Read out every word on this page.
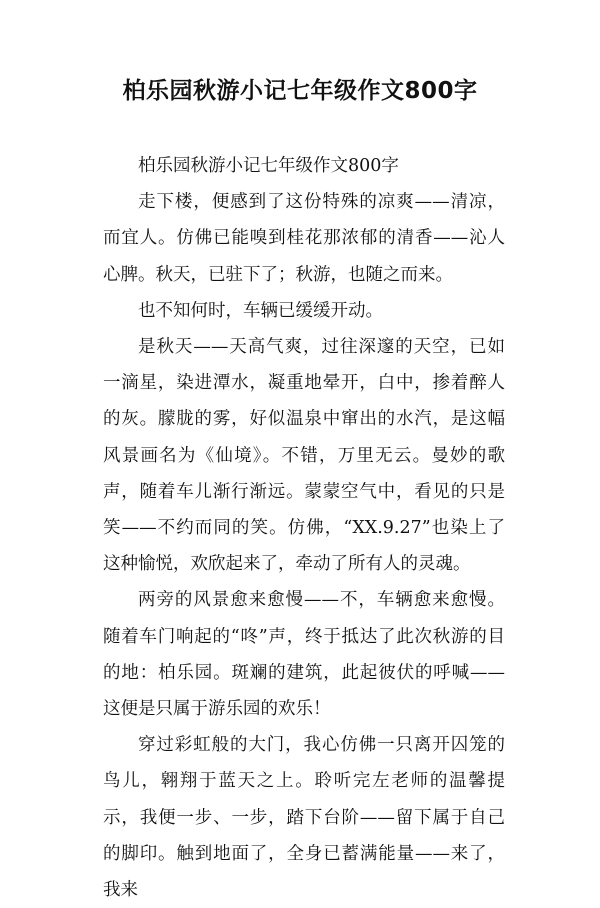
柏乐园秋游小记七年级作文800字

柏乐园秋游小记七年级作文800字

走下楼，便感到了这份特殊的凉爽——清凉，而宜人。仿佛已能嗅到桂花那浓郁的清香——沁人心脾。秋天，已驻下了；秋游，也随之而来。

也不知何时，车辆已缓缓开动。

是秋天——天高气爽，过往深邃的天空，已如一滴星，染进潭水，凝重地晕开，白中，掺着醉人的灰。朦胧的雾，好似温泉中窜出的水汽，是这幅风景画名为《仙境》。不错，万里无云。曼妙的歌声，随着车儿渐行渐远。蒙蒙空气中，看见的只是笑——不约而同的笑。仿佛，“XX.9.27”也染上了这种愉悦，欢欣起来了，牵动了所有人的灵魂。

两旁的风景愈来愈慢——不，车辆愈来愈慢。随着车门响起的“咚”声，终于抵达了此次秋游的目的地：柏乐园。斑斓的建筑，此起彼伏的呼喊——这便是只属于游乐园的欢乐！

穿过彩虹般的大门，我心仿佛一只离开囚笼的鸟儿，翱翔于蓝天之上。聆听完左老师的温馨提示，我便一步、一步，踏下台阶——留下属于自己的脚印。触到地面了，全身已蓄满能量——来了，我来
